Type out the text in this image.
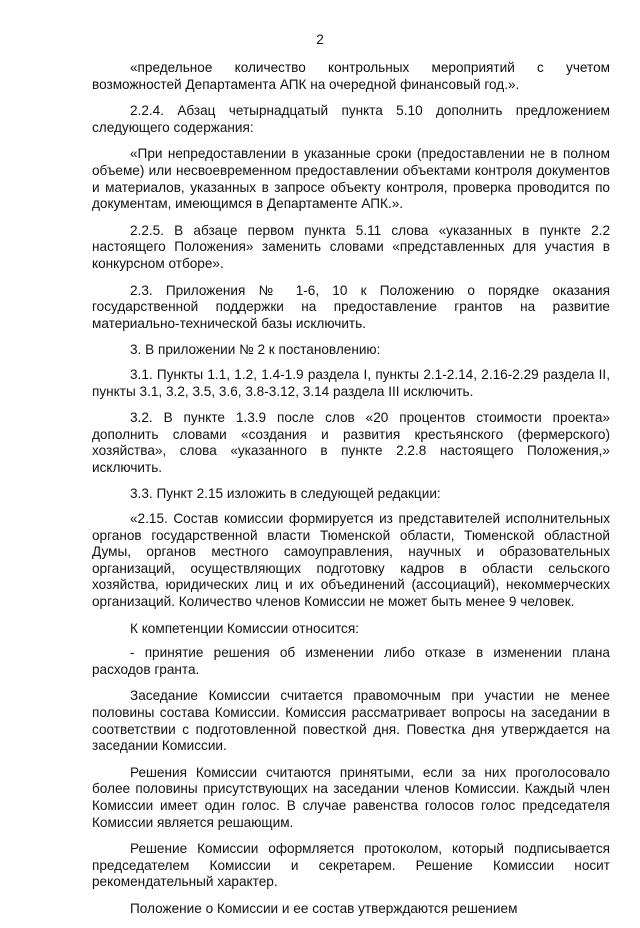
2

«предельное количество контрольных мероприятий с учетом возможностей Департамента АПК на очередной финансовый год.».

2.2.4. Абзац четырнадцатый пункта 5.10 дополнить предложением следующего содержания:

«При непредоставлении в указанные сроки (предоставлении не в полном объеме) или несвоевременном предоставлении объектами контроля документов и материалов, указанных в запросе объекту контроля, проверка проводится по документам, имеющимся в Департаменте АПК.».

2.2.5. В абзаце первом пункта 5.11 слова «указанных в пункте 2.2 настоящего Положения» заменить словами «представленных для участия в конкурсном отборе».

2.3. Приложения № 1-6, 10 к Положению о порядке оказания государственной поддержки на предоставление грантов на развитие материально-технической базы исключить.

3. В приложении № 2 к постановлению:

3.1. Пункты 1.1, 1.2, 1.4-1.9 раздела I, пункты 2.1-2.14, 2.16-2.29 раздела II, пункты 3.1, 3.2, 3.5, 3.6, 3.8-3.12, 3.14 раздела III исключить.

3.2. В пункте 1.3.9 после слов «20 процентов стоимости проекта» дополнить словами «создания и развития крестьянского (фермерского) хозяйства», слова «указанного в пункте 2.2.8 настоящего Положения,» исключить.

3.3. Пункт 2.15 изложить в следующей редакции:

«2.15. Состав комиссии формируется из представителей исполнительных органов государственной власти Тюменской области, Тюменской областной Думы, органов местного самоуправления, научных и образовательных организаций, осуществляющих подготовку кадров в области сельского хозяйства, юридических лиц и их объединений (ассоциаций), некоммерческих организаций. Количество членов Комиссии не может быть менее 9 человек.

К компетенции Комиссии относится:

- принятие решения об изменении либо отказе в изменении плана расходов гранта.

Заседание Комиссии считается правомочным при участии не менее половины состава Комиссии. Комиссия рассматривает вопросы на заседании в соответствии с подготовленной повесткой дня. Повестка дня утверждается на заседании Комиссии.

Решения Комиссии считаются принятыми, если за них проголосовало более половины присутствующих на заседании членов Комиссии. Каждый член Комиссии имеет один голос. В случае равенства голосов голос председателя Комиссии является решающим.

Решение Комиссии оформляется протоколом, который подписывается председателем Комиссии и секретарем. Решение Комиссии носит рекомендательный характер.

Положение о Комиссии и ее состав утверждаются решением
